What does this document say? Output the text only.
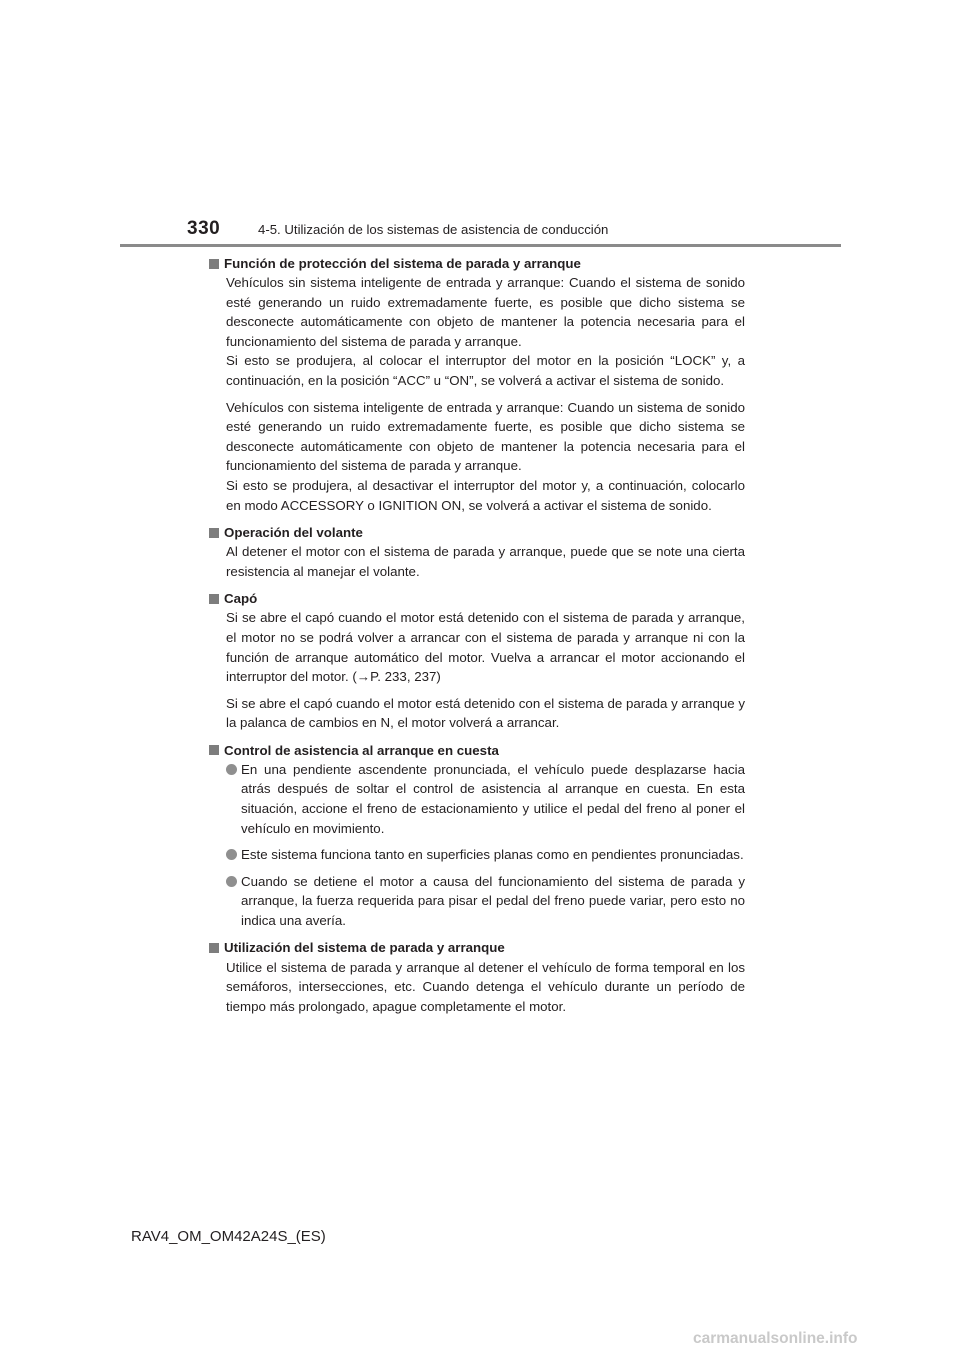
330	4-5. Utilización de los sistemas de asistencia de conducción
Función de protección del sistema de parada y arranque

Vehículos sin sistema inteligente de entrada y arranque: Cuando el sistema de sonido esté generando un ruido extremadamente fuerte, es posible que dicho sistema se desconecte automáticamente con objeto de mantener la potencia necesaria para el funcionamiento del sistema de parada y arranque.
Si esto se produjera, al colocar el interruptor del motor en la posición “LOCK” y, a continuación, en la posición “ACC” u “ON”, se volverá a activar el sistema de sonido.

Vehículos con sistema inteligente de entrada y arranque: Cuando un sistema de sonido esté generando un ruido extremadamente fuerte, es posible que dicho sistema se desconecte automáticamente con objeto de mantener la potencia necesaria para el funcionamiento del sistema de parada y arranque.
Si esto se produjera, al desactivar el interruptor del motor y, a continuación, colocarlo en modo ACCESSORY o IGNITION ON, se volverá a activar el sistema de sonido.

Operación del volante

Al detener el motor con el sistema de parada y arranque, puede que se note una cierta resistencia al manejar el volante.

Capó

Si se abre el capó cuando el motor está detenido con el sistema de parada y arranque, el motor no se podrá volver a arrancar con el sistema de parada y arranque ni con la función de arranque automático del motor. Vuelva a arrancar el motor accionando el interruptor del motor. (→P. 233, 237)

Si se abre el capó cuando el motor está detenido con el sistema de parada y arranque y la palanca de cambios en N, el motor volverá a arrancar.

Control de asistencia al arranque en cuesta
En una pendiente ascendente pronunciada, el vehículo puede desplazarse hacia atrás después de soltar el control de asistencia al arranque en cuesta. En esta situación, accione el freno de estacionamiento y utilice el pedal del freno al poner el vehículo en movimiento.
Este sistema funciona tanto en superficies planas como en pendientes pronunciadas.
Cuando se detiene el motor a causa del funcionamiento del sistema de parada y arranque, la fuerza requerida para pisar el pedal del freno puede variar, pero esto no indica una avería.
Utilización del sistema de parada y arranque

Utilice el sistema de parada y arranque al detener el vehículo de forma temporal en los semáforos, intersecciones, etc. Cuando detenga el vehículo durante un período de tiempo más prolongado, apague completamente el motor.

RAV4_OM_OM42A24S_(ES)
carmanualsonline.info
